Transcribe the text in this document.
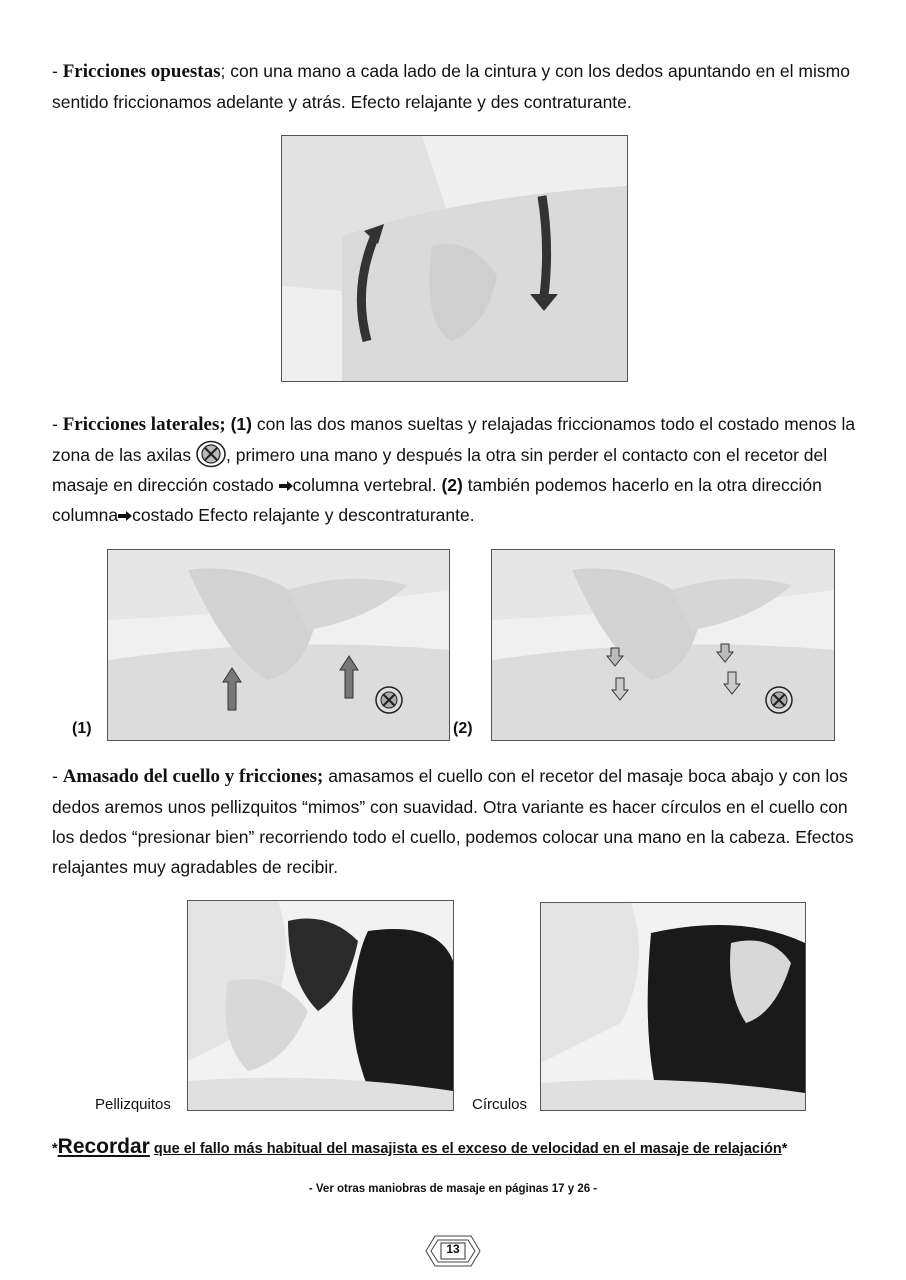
- Fricciones opuestas; con una mano a cada lado de la cintura y con los dedos apuntando en el mismo sentido friccionamos adelante y atrás. Efecto relajante y des contraturante.

- Fricciones laterales; (1) con las dos manos sueltas y relajadas friccionamos todo el costado menos la zona de las axilas , primero una mano y después la otra sin perder el contacto con el recetor del masaje en dirección costado columna vertebral. (2) también podemos hacerlo en la otra dirección columna costado Efecto relajante y descontraturante.

(1)	(2)

- Amasado del cuello y fricciones; amasamos el cuello con el recetor del masaje boca abajo y con los dedos aremos unos pellizquitos “mimos” con suavidad. Otra variante es hacer círculos en el cuello con los dedos “presionar bien” recorriendo todo el cuello, podemos colocar una mano en la cabeza. Efectos relajantes muy agradables de recibir.

Pellizquitos	Círculos
*Recordar que el fallo más habitual del masajista es el exceso de velocidad en el masaje de relajación*
- Ver otras maniobras de masaje en páginas 17 y 26 -
13
